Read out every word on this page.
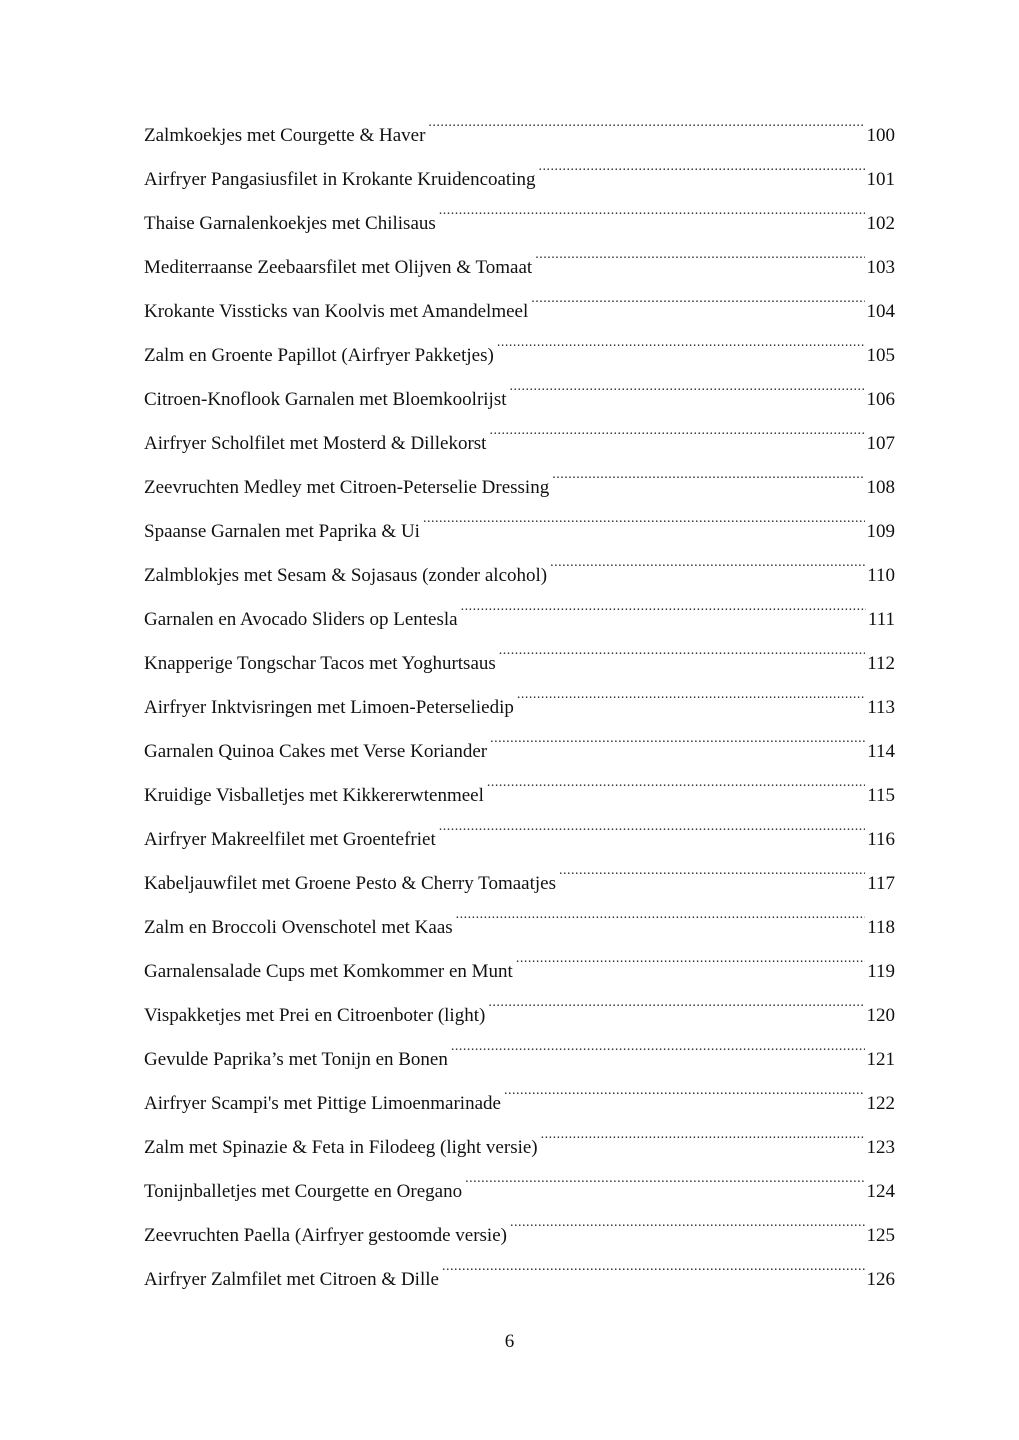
Zalmkoekjes met Courgette & Haver .....	100
Airfryer Pangasiusfilet in Krokante Kruidencoating .....	101
Thaise Garnalenkoekjes met Chilisaus .....	102
Mediterraanse Zeebaarsfilet met Olijven & Tomaat .....	103
Krokante Vissticks van Koolvis met Amandelmeel .....	104
Zalm en Groente Papillot (Airfryer Pakketjes) .....	105
Citroen-Knoflook Garnalen met Bloemkoolrijst .....	106
Airfryer Scholfilet met Mosterd & Dillekorst .....	107
Zeevruchten Medley met Citroen-Peterselie Dressing .....	108
Spaanse Garnalen met Paprika & Ui .....	109
Zalmblokjes met Sesam & Sojasaus (zonder alcohol) .....	110
Garnalen en Avocado Sliders op Lentesla .....	111
Knapperige Tongschar Tacos met Yoghurtsaus .....	112
Airfryer Inktvisringen met Limoen-Peterseliedip .....	113
Garnalen Quinoa Cakes met Verse Koriander .....	114
Kruidige Visballetjes met Kikkererwtenmeel .....	115
Airfryer Makreelfilet met Groentefriet .....	116
Kabeljauwfilet met Groene Pesto & Cherry Tomaatjes .....	117
Zalm en Broccoli Ovenschotel met Kaas .....	118
Garnalensalade Cups met Komkommer en Munt .....	119
Vispakketjes met Prei en Citroenboter (light) .....	120
Gevulde Paprika’s met Tonijn en Bonen .....	121
Airfryer Scampi's met Pittige Limoenmarinade .....	122
Zalm met Spinazie & Feta in Filodeeg (light versie) .....	123
Tonijnballetjes met Courgette en Oregano .....	124
Zeevruchten Paella (Airfryer gestoomde versie) .....	125
Airfryer Zalmfilet met Citroen & Dille .....	126
6
